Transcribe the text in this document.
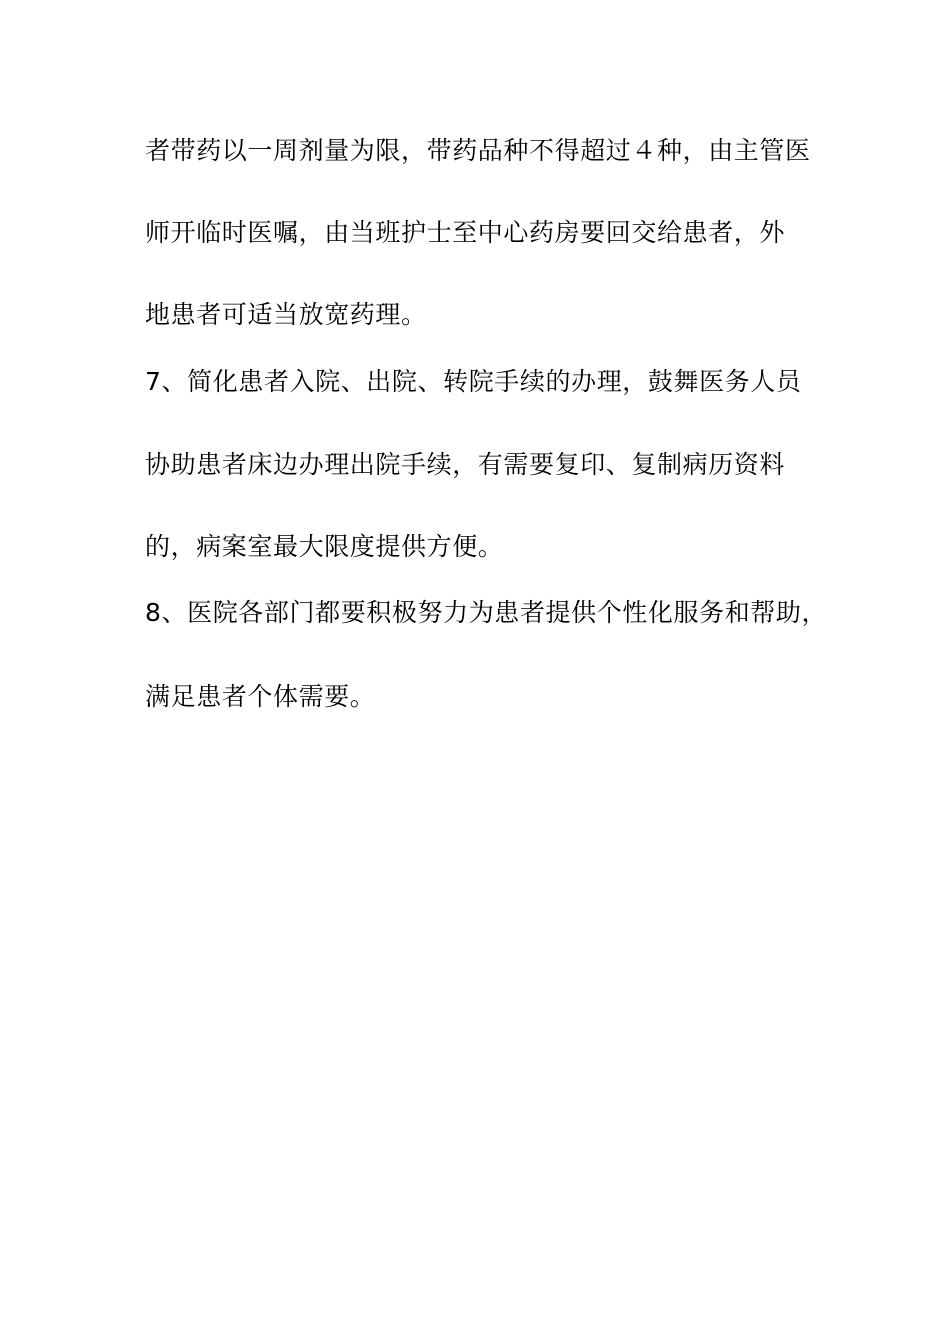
者带药以一周剂量为限，带药品种不得超过４种，由主管医
师开临时医嘱，由当班护士至中心药房要回交给患者，外
地患者可适当放宽药理。
7、简化患者入院、出院、转院手续的办理，鼓舞医务人员
协助患者床边办理出院手续，有需要复印、复制病历资料
的，病案室最大限度提供方便。
8、医院各部门都要积极努力为患者提供个性化服务和帮助，
满足患者个体需要。
